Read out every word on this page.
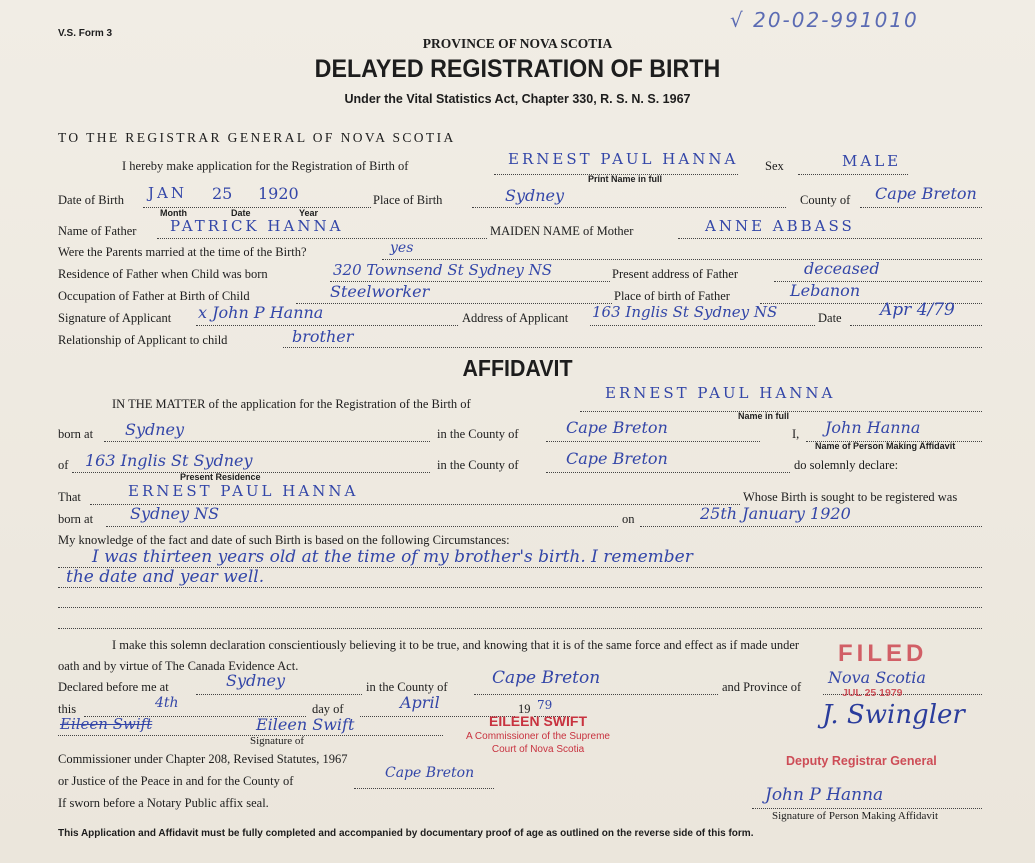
V.S. Form 3
√ 20-02-991010
PROVINCE OF NOVA SCOTIA
DELAYED REGISTRATION OF BIRTH
Under the Vital Statistics Act, Chapter 330, R. S. N. S. 1967
TO THE REGISTRAR GENERAL OF NOVA SCOTIA
I hereby make application for the Registration of Birth of	ERNEST PAUL HANNA
Print Name in full
Sex	MALE
Date of Birth JAN 25 1920
Month	Date	Year
Place of Birth	Sydney	County of Cape Breton
Name of Father PATRICK HANNA	MAIDEN NAME of Mother	ANNE ABBASS
Were the Parents married at the time of the Birth?	yes
Residence of Father when Child was born	320 Townsend St Sydney NS	Present address of Father	deceased
Occupation of Father at Birth of Child	Steelworker	Place of birth of Father	Lebanon
Signature of Applicant x John P Hanna	Address of Applicant 163 Inglis St Sydney NS	Date Apr 4/79
Relationship of Applicant to child	brother
AFFIDAVIT
IN THE MATTER of the application for the Registration of the Birth of
ERNEST PAUL HANNA
Name in full
born at Sydney	in the County of	Cape Breton	I, John Hanna
Name of Person Making Affidavit
of 163 Inglis St Sydney
Present Residence
in the County of	Cape Breton	do solemnly declare:
That	ERNEST PAUL HANNA	Whose Birth is sought to be registered was
born at Sydney NS	on	25th January 1920
My knowledge of the fact and date of such Birth is based on the following Circumstances:
I was thirteen years old at the time of my brother's birth. I remember
the date and year well.
I make this solemn declaration conscientiously believing it to be true, and knowing that it is of the same force and effect as if made under
oath and by virtue of The Canada Evidence Act.
Declared before me at	Sydney	in the County of	Cape Breton	and Province of Nova Scotia
this	4th	day of	April	19 79
Eileen Swift	Eileen Swift
Signature of
Commissioner under Chapter 208, Revised Statutes, 1967
or Justice of the Peace in and for the County of	Cape Breton
If sworn before a Notary Public affix seal.	John P Hanna
Signature of Person Making Affidavit
EILEEN SWIFT
A Commissioner of the Supreme
Court of Nova Scotia
FILED
JUL 25 1979
J. Swingler
Deputy Registrar General
This Application and Affidavit must be fully completed and accompanied by documentary proof of age as outlined on the reverse side of this form.
